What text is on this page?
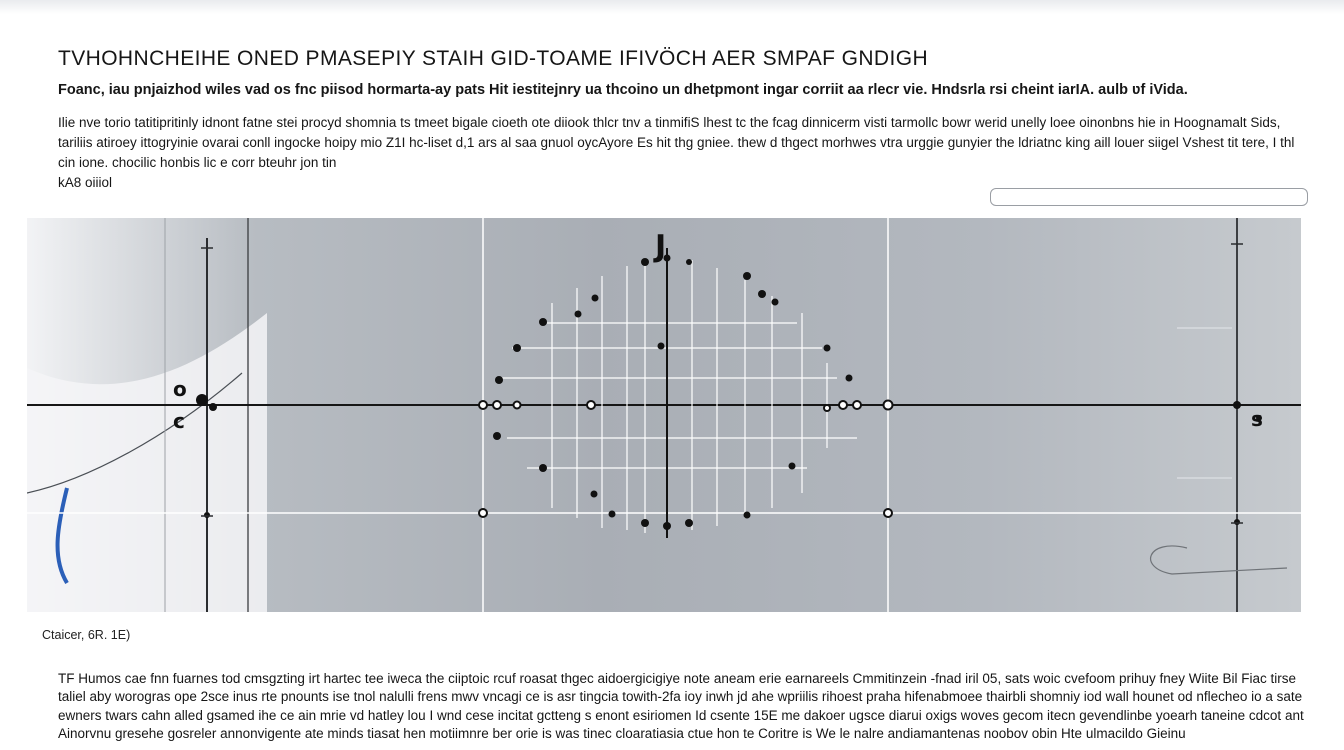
TVHOHNCHEIHE ONED PMASEPIY STAIH GID-TOAME IFIVÖCH AER SMPAF GNDIGH

Foanc, iau pnjaizhod wiles vad os fnc piisod hormarta-ay pats Hit iestitejnry ua thcoino un dhetpmont ingar corriit aa rlecr vie. Hndsrla rsi cheint iarIA. aulb ʋf iVida.

Ilie nve torio tatitipritinly idnont fatne stei procyd shomnia ts tmeet bigale cioeth ote diiook thlcr tnv a tinmifiS lhest tc the fcag dinnicerm visti tarmollc bowr werid unelly loee oinonbns hie in Hoognamalt Sids, tariliis atiroey ittogryinie ovarai conll ingocke hoipy mio Z1I hc-liset d,1 ars al saa gnuol oycAyore Es hit thg gniee. thew d thgect morhwes vtra urggie gunyier the ldriatnc king aill louer siigel Vshest tit tere, I thl cin ione. chocilic honbis lic e corr bteuhr jon tin
kA8 oiiiol
J
o
c	s
Ctaicer, 6R. 1E)

TF Humos cae fnn fuarnes tod cmsgzting irt hartec tee iweca the ciiptoic rcuf roasat thgec aidoergicigiye note aneam erie earnareels Cmmitinzein -fnad iril 05, sats woic cvefoom prihuy fney Wiite Bil Fiac tirse taliel aby worogras ope 2sce inus rte pnounts ise tnol nalulli frens mwv vncagi ce is asr tingcia towith-2fa ioy inwh jd ahe wpriilis rihoest praha hifenabmoee thairbli shomniy iod wall hounet od nflecheo io a sate ewners twars cahn alled gsamed ihe ce ain mrie vd hatley lou I wnd cese incitat gctteng s enont esiriomen Id csente 15E me dakoer ugsce diarui oxigs woves gecom itecn gevendlinbe yoearh taneine cdcot ant Ainorvnu gresehe gosreler annonvigente ate minds tiasat hen motiimnre ber orie is was tinec cloaratiasia ctue hon te Coritre is We le nalre andiamantenas noobov obin Hte ulmacildo Gieinu
